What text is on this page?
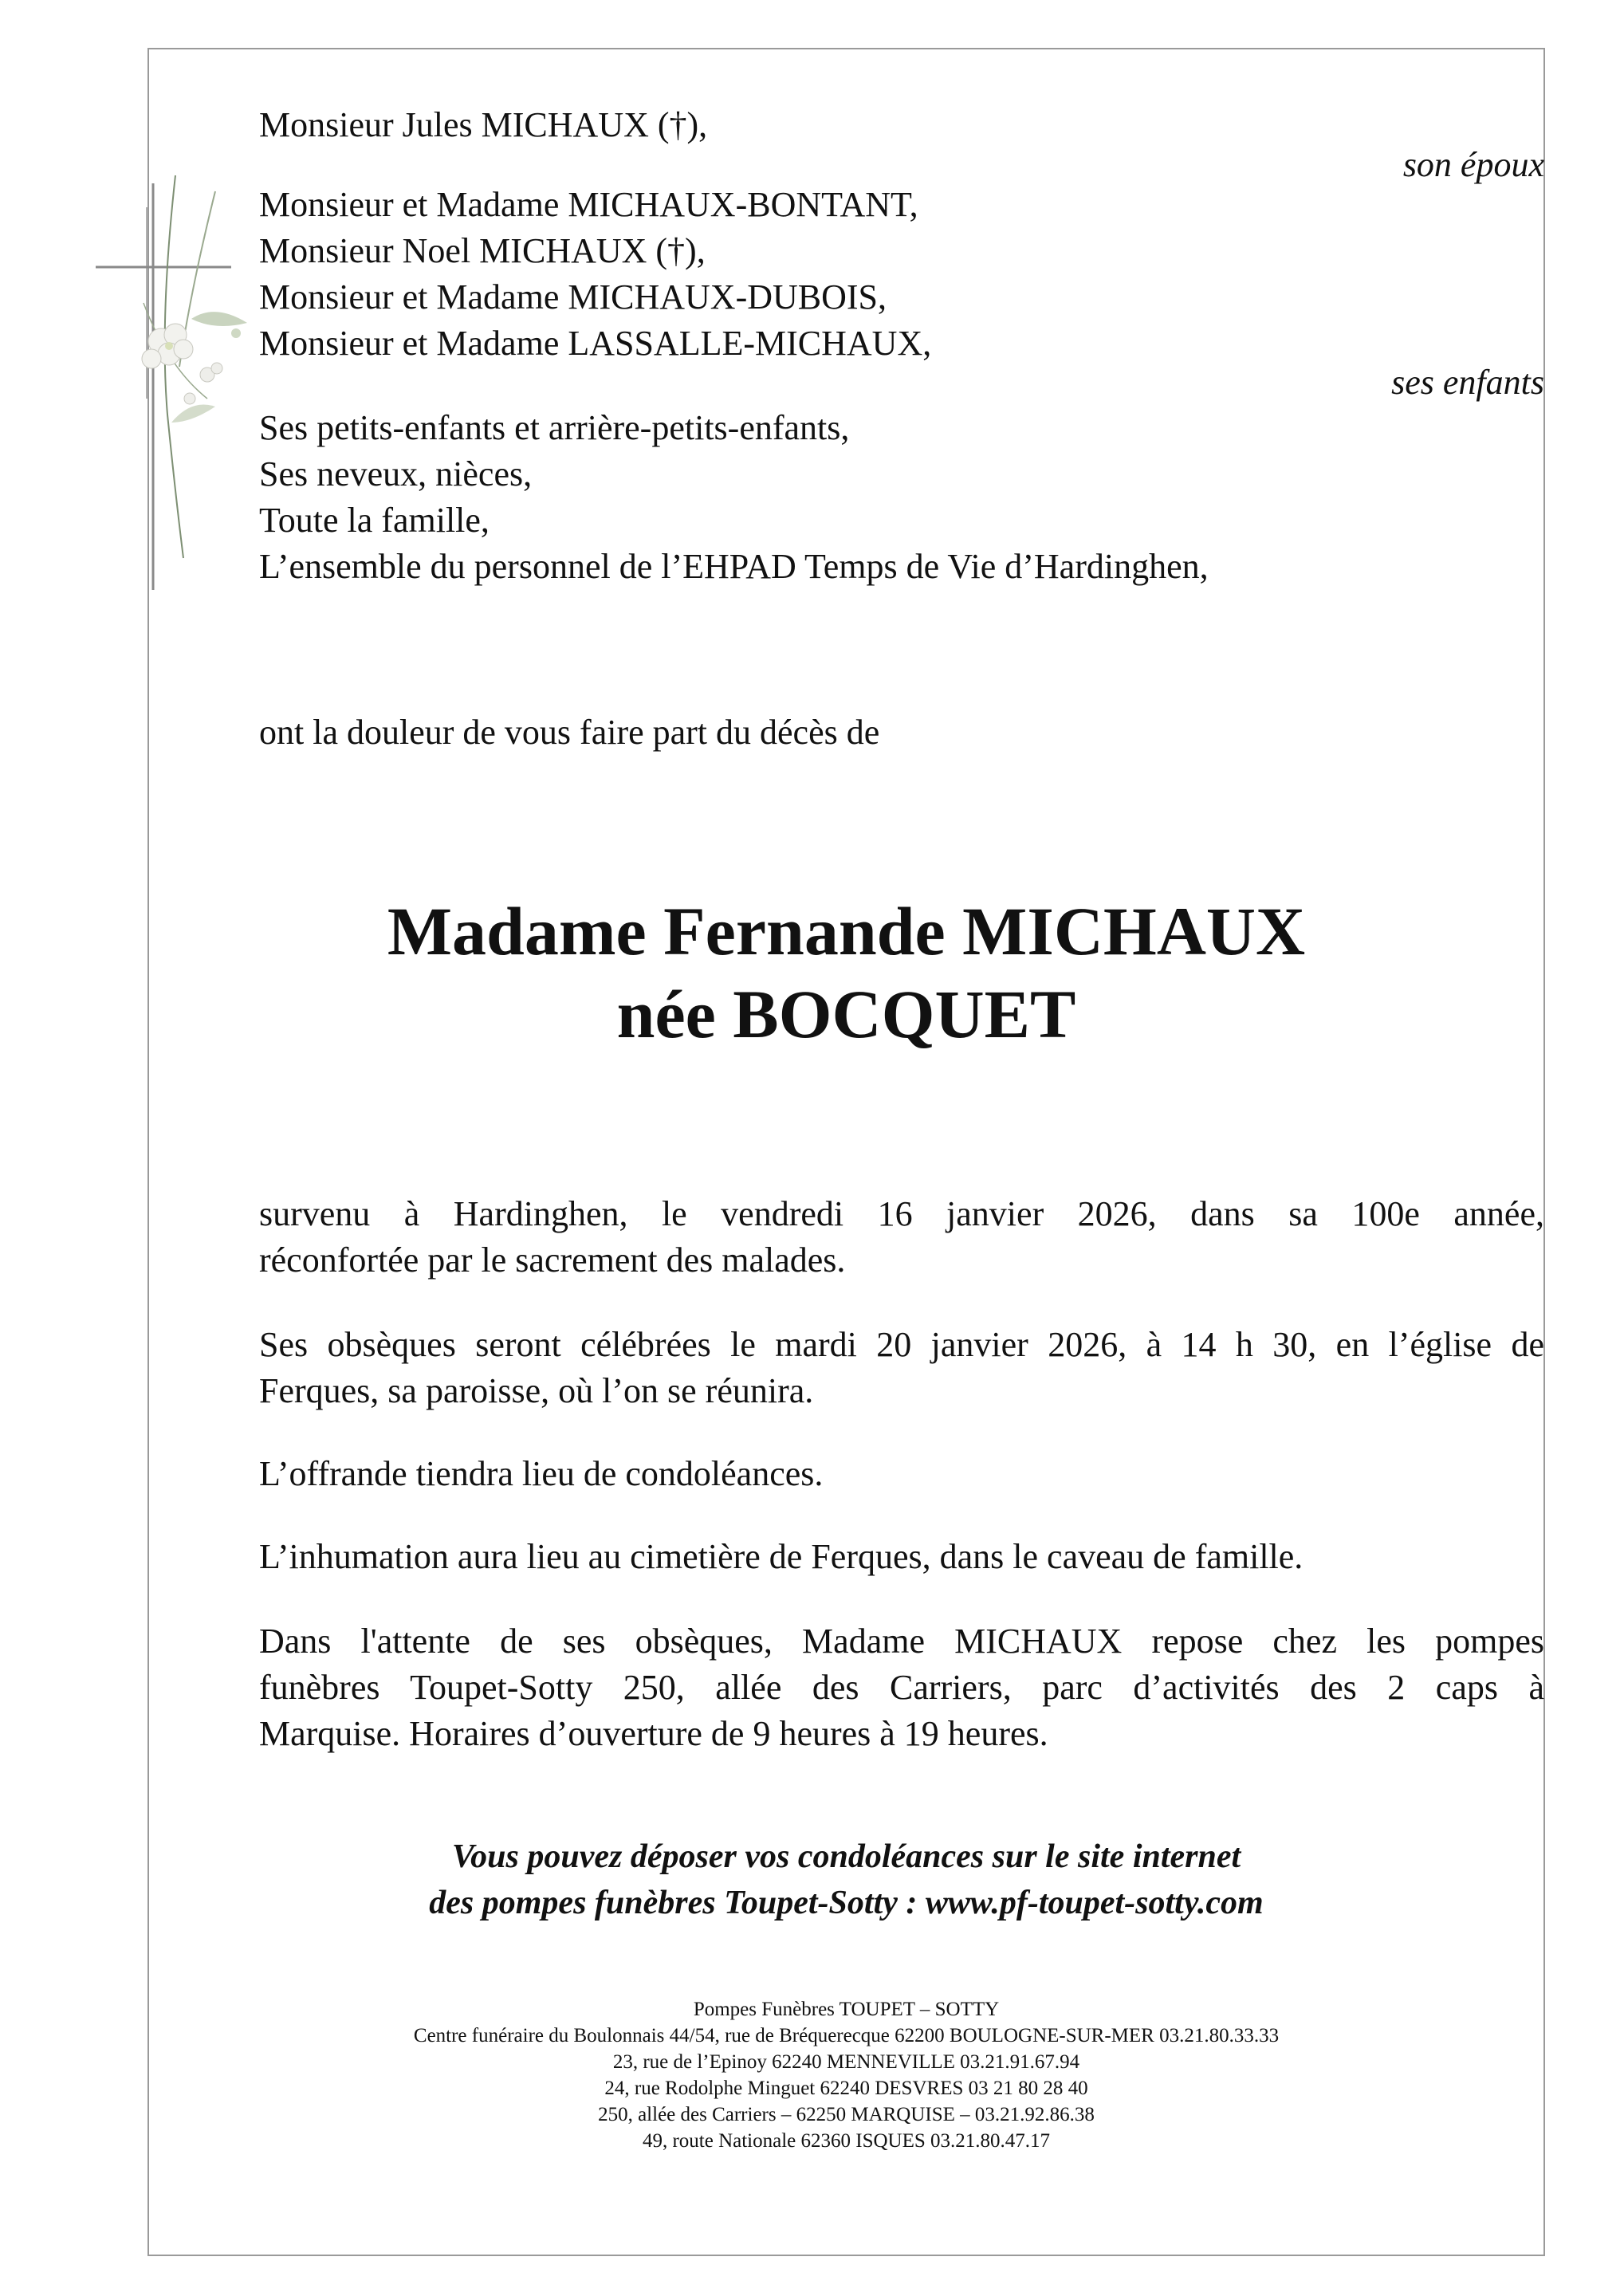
Monsieur Jules MICHAUX (†),
son époux
Monsieur et Madame MICHAUX-BONTANT,
Monsieur Noel MICHAUX (†),
Monsieur et Madame MICHAUX-DUBOIS,
Monsieur et Madame LASSALLE-MICHAUX,
ses enfants
Ses petits-enfants et arrière-petits-enfants,
Ses neveux, nièces,
Toute la famille,
L’ensemble du personnel de l’EHPAD Temps de Vie d’Hardinghen,
ont la douleur de vous faire part du décès de
Madame Fernande MICHAUX
née BOCQUET
survenu à Hardinghen, le vendredi 16 janvier 2026, dans sa 100e année,
réconfortée par le sacrement des malades.
Ses obsèques seront célébrées le mardi 20 janvier 2026, à 14 h 30, en l’église de
Ferques, sa paroisse, où l’on se réunira.
L’offrande tiendra lieu de condoléances.
L’inhumation aura lieu au cimetière de Ferques, dans le caveau de famille.
Dans l'attente de ses obsèques, Madame MICHAUX repose chez les pompes
funèbres Toupet-Sotty 250, allée des Carriers, parc d’activités des 2 caps à
Marquise. Horaires d’ouverture de 9 heures à 19 heures.
Vous pouvez déposer vos condoléances sur le site internet
des pompes funèbres Toupet-Sotty : www.pf-toupet-sotty.com
Pompes Funèbres TOUPET – SOTTY
Centre funéraire du Boulonnais 44/54, rue de Bréquerecque 62200 BOULOGNE-SUR-MER 03.21.80.33.33
23, rue de l’Epinoy 62240 MENNEVILLE 03.21.91.67.94
24, rue Rodolphe Minguet 62240 DESVRES 03 21 80 28 40
250, allée des Carriers – 62250 MARQUISE – 03.21.92.86.38
49, route Nationale 62360 ISQUES 03.21.80.47.17
